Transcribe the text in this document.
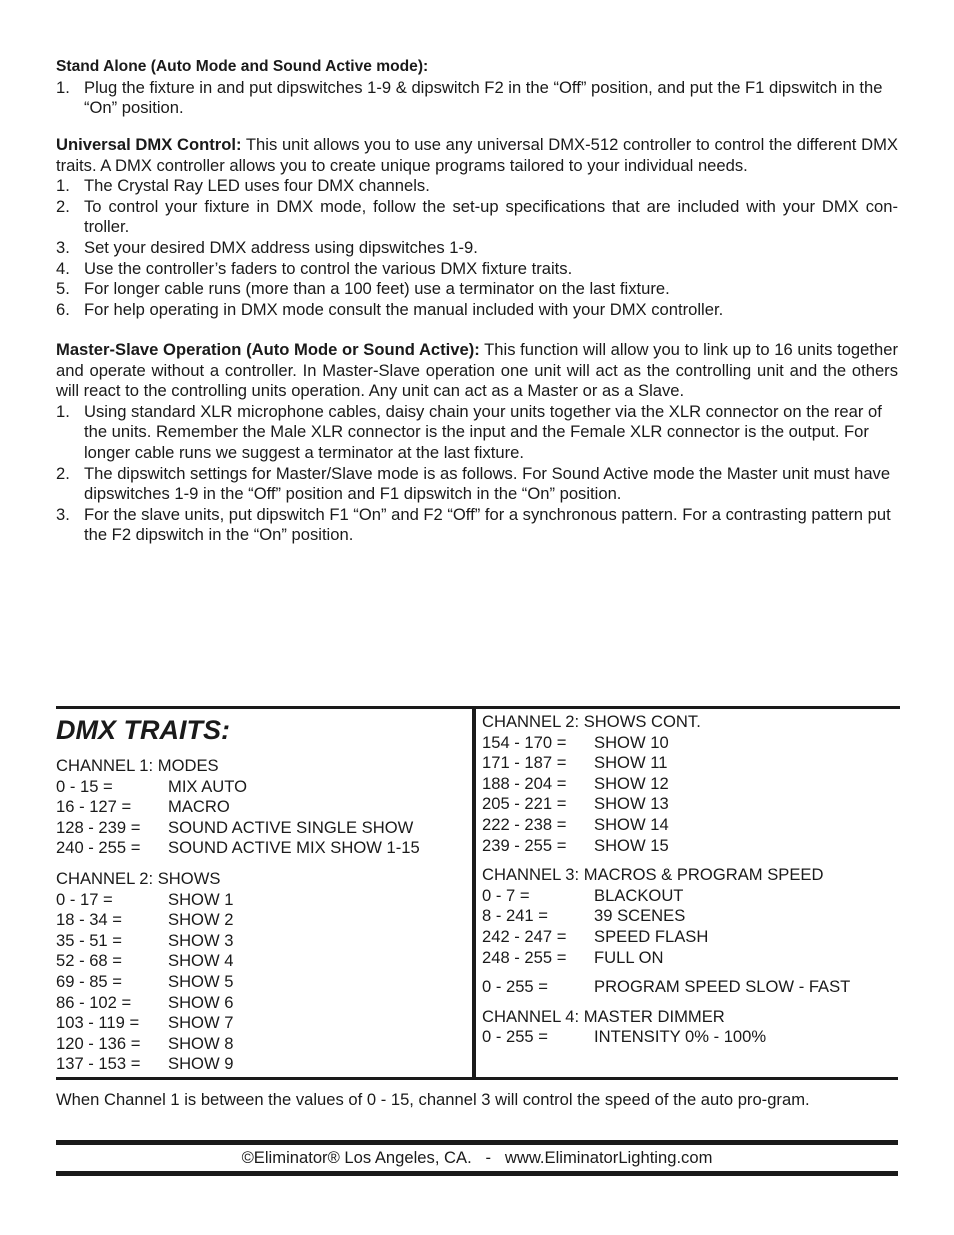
Stand Alone (Auto Mode and Sound Active mode):
1. Plug the fixture in and put dipswitches 1-9 & dipswitch F2 in the “Off” position, and put the F1 dipswitch in the “On” position.
Universal DMX Control: This unit allows you to use any universal DMX-512 controller to control the different DMX traits. A DMX controller allows you to create unique programs tailored to your individual needs.
1. The Crystal Ray LED uses four DMX channels.
2. To control your fixture in DMX mode, follow the set-up specifications that are included with your DMX con-troller.
3. Set your desired DMX address using dipswitches 1-9.
4. Use the controller’s faders to control the various DMX fixture traits.
5. For longer cable runs (more than a 100 feet) use a terminator on the last fixture.
6. For help operating in DMX mode consult the manual included with your DMX controller.
Master-Slave Operation (Auto Mode or Sound Active): This function will allow you to link up to 16 units together and operate without a controller. In Master-Slave operation one unit will act as the controlling unit and the others will react to the controlling units operation. Any unit can act as a Master or as a Slave.
1. Using standard XLR microphone cables, daisy chain your units together via the XLR connector on the rear of the units. Remember the Male XLR connector is the input and the Female XLR connector is the output. For longer cable runs we suggest a terminator at the last fixture.
2. The dipswitch settings for Master/Slave mode is as follows. For Sound Active mode the Master unit must have dipswitches 1-9 in the “Off” position and F1 dipswitch in the “On” position.
3. For the slave units, put dipswitch F1 “On” and F2 “Off” for a synchronous pattern. For a contrasting pattern put the F2 dipswitch in the “On” position.
DMX TRAITS:
CHANNEL 1: MODES
0 - 15 =	MIX AUTO
16 - 127 = MACRO
128 - 239 = SOUND ACTIVE SINGLE SHOW
240 - 255 = SOUND ACTIVE MIX SHOW 1-15
CHANNEL 2: SHOWS
0 - 17 =	SHOW 1
18 - 34 =	SHOW 2
35 - 51 =	SHOW 3
52 - 68 =	SHOW 4
69 - 85 =	SHOW 5
86 - 102 = SHOW 6
103 - 119 = SHOW 7
120 - 136 = SHOW 8
137 - 153 = SHOW 9
CHANNEL 2: SHOWS CONT.
154 - 170 = SHOW 10
171 - 187 = SHOW 11
188 - 204 = SHOW 12
205 - 221 = SHOW 13
222 - 238 = SHOW 14
239 - 255 = SHOW 15
CHANNEL 3: MACROS & PROGRAM SPEED
0 - 7 =	BLACKOUT
8 - 241 =	39 SCENES
242 - 247 = SPEED FLASH
248 - 255 = FULL ON
0 - 255 =	PROGRAM SPEED SLOW - FAST
CHANNEL 4: MASTER DIMMER
0 - 255 =	INTENSITY 0% - 100%
When Channel 1 is between the values of 0 - 15, channel 3 will control the speed of the auto pro-gram.
©Eliminator® Los Angeles, CA.   -   www.EliminatorLighting.com
